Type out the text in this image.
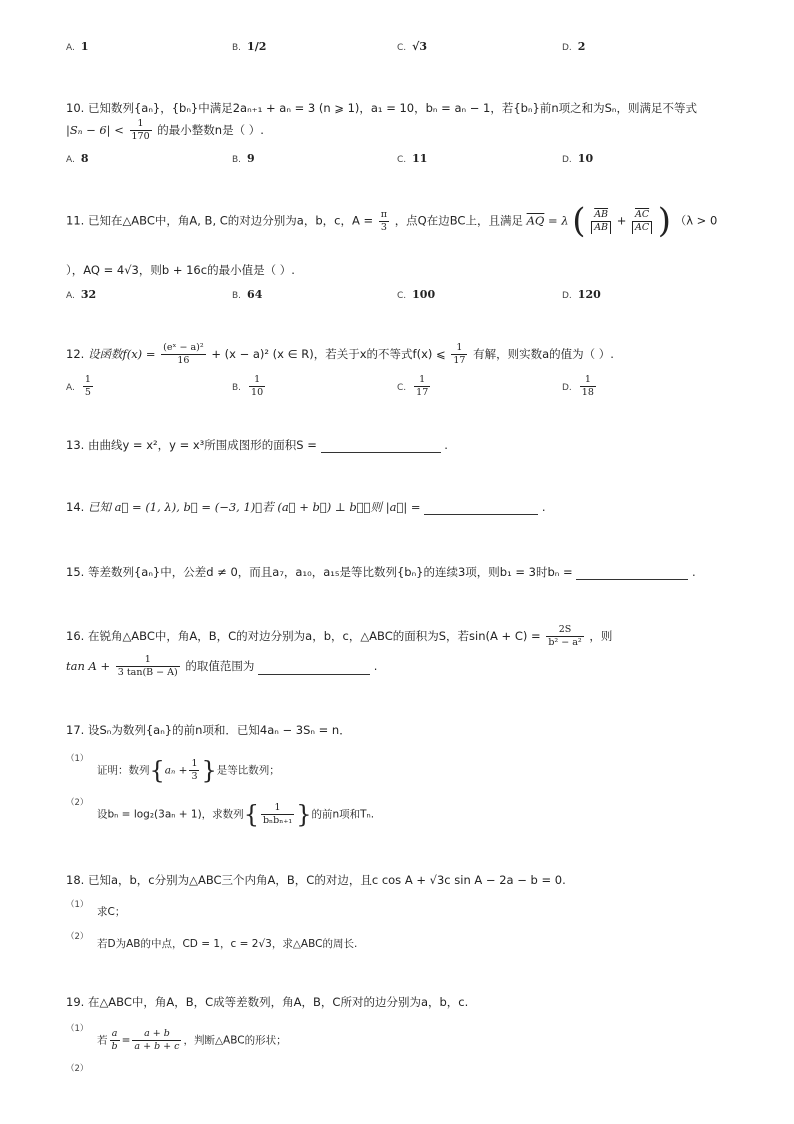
A. 1	B. 1/2	C. √3	D. 2
10. 已知数列{aₙ}，{bₙ}中满足2aₙ₊₁ + aₙ = 3 (n ⩾ 1)，a₁ = 10，bₙ = aₙ − 1，若{bₙ}前n项之和为Sₙ，则满足不等式
$|S_n - 6| < \frac{1}{170}$ 的最小整数n是（ ）.
A. 8	B. 9	C. 11	D. 10
11. 已知在△ABC中，角A, B, C的对边分别为a，b，c，$A = \frac{\pi}{3}$ ，点Q在边BC上，且满足 $\overline{AQ} = \lambda$ ( $\frac{\overline{AB}}{AB} + \frac{\overline{AC}}{AC}$ ) （λ > 0
），AQ = 4√3，则b + 16c的最小值是（ ）.
A. 32	B. 64	C. 100	D. 120
12. 设函数$f(x) = \frac{\text{(eˣ − a)²}}{16} + (x - a)^2$ (x ∈ R)，若关于x的不等式f(x) ⩽ $\frac{1}{17}$ 有解，则实数a的值为（ ）.
A. $\frac{1}{5}$	B. $\frac{1}{10}$	C. $\frac{1}{17}$	D. $\frac{1}{18}$
13. 由曲线y = x²，y = x³所围成图形的面积S =	.
14. 已知 a⃗ = (1, λ), b⃗ = (−3, 1)，若 (a⃗ + b⃗) ⊥ b⃗，则 |a⃗| =	.
15. 等差数列{aₙ}中，公差d ≠ 0，而且a₇，a₁₀，a₁₅是等比数列{bₙ}的连续3项，则b₁ = 3时bₙ =	.
16. 在锐角△ABC中，角A，B，C的对边分别为a，b，c，△ABC的面积为S，若$\sin(A + C) = \frac{2S}{\text{b² − a²}}$ ，则
$\tan A + \frac{1}{3 \tan(B - A)}$ 的取值范围为	.
17. 设Sₙ为数列{aₙ}的前n项和．已知4aₙ − 3Sₙ = n．
（1）
证明：数列{$a_n + \frac{1}{3}$ }是等比数列；
（2）
设bₙ = log₂(3aₙ + 1)，求数列{ $\frac{1}{\text{bₙbₙ₊₁}}$ }的前n项和Tₙ.
18. 已知a，b，c分别为△ABC三个内角A，B，C的对边，且c cos A + √3c sin A − 2a − b = 0.
（1）
求C；
（2）
若D为AB的中点，CD = 1，c = 2√3，求△ABC的周长.
19. 在△ABC中，角A，B，C成等差数列，角A，B，C所对的边分别为a，b，c.
（1）
若 $\frac{a}{b} = \frac{a + b}{a + b + c}$ ，判断△ABC的形状；
（2）
